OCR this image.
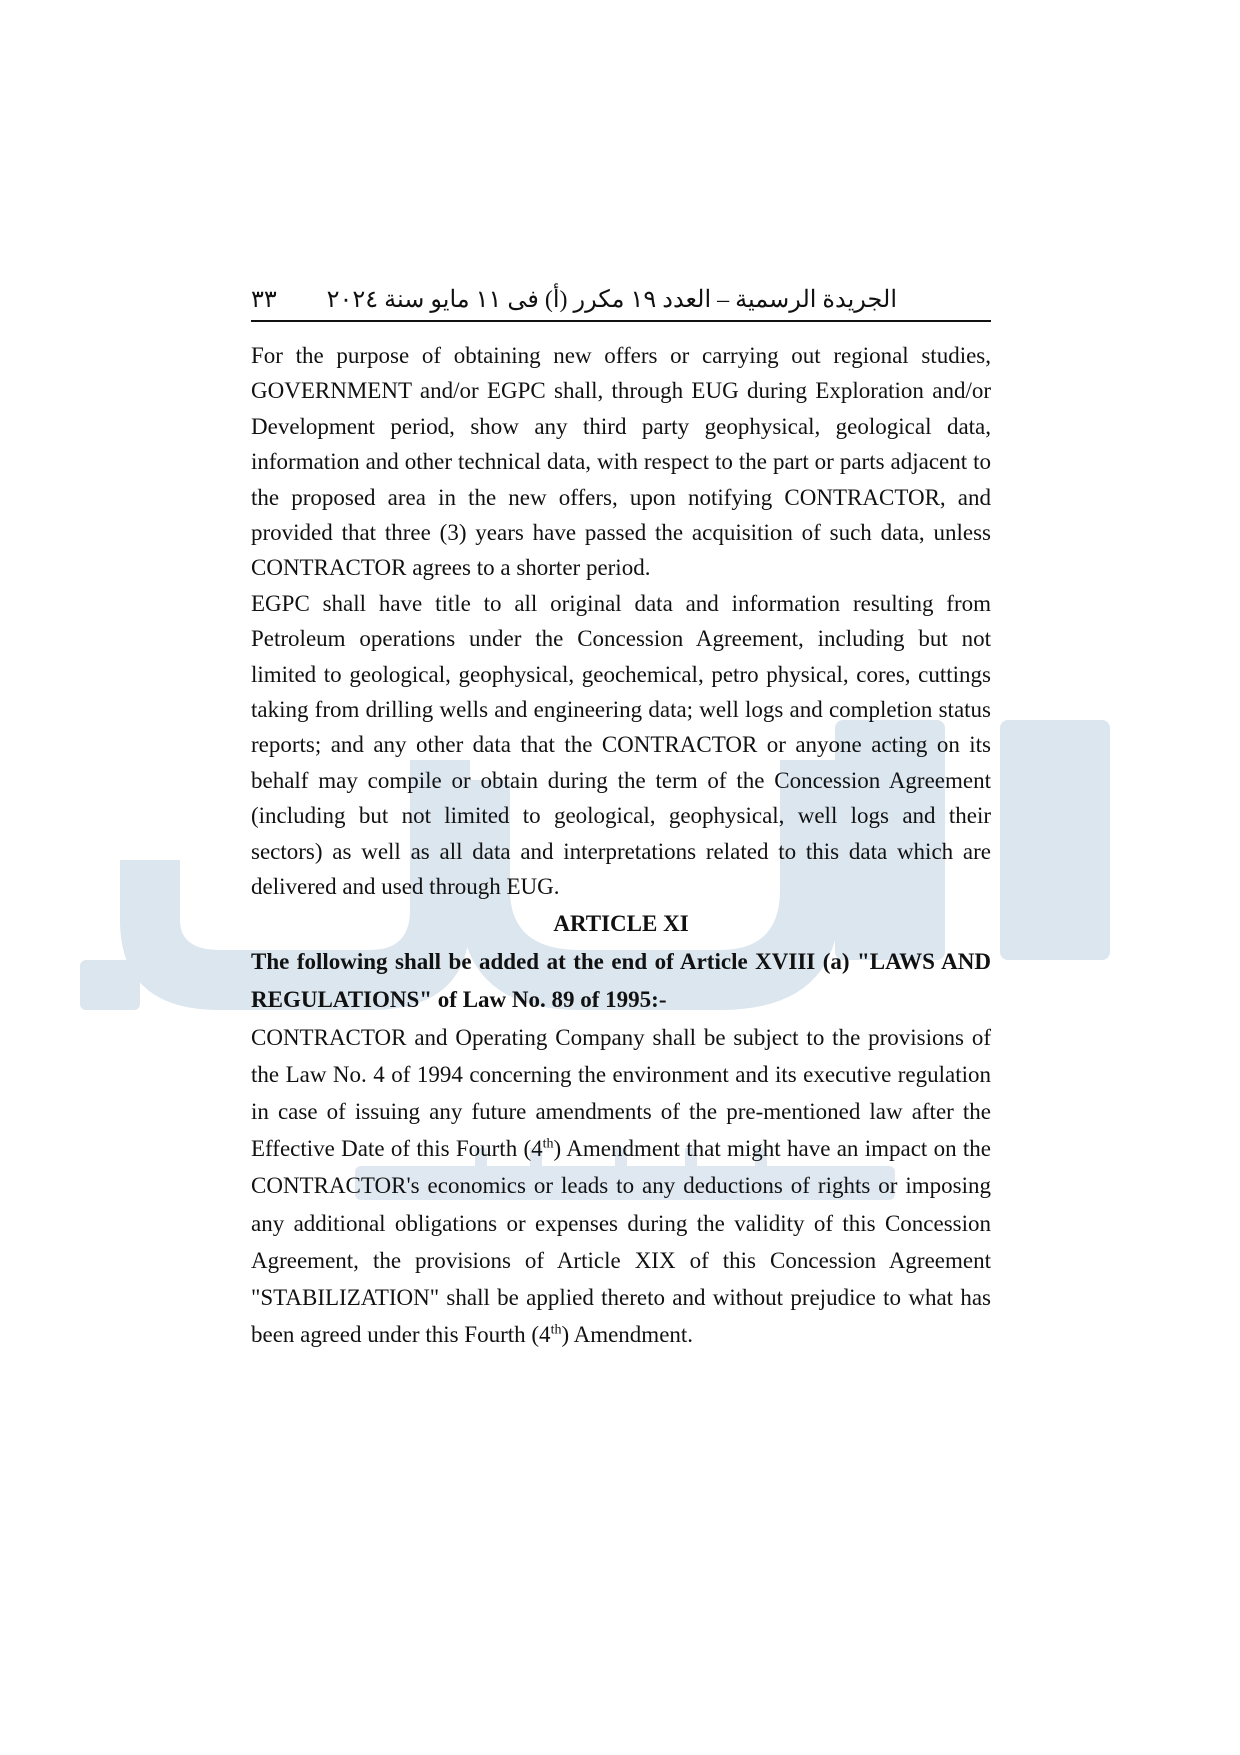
٣٣ الجريدة الرسمية – العدد ١٩ مكرر (أ) فى ١١ مايو سنة ٢٠٢٤

For the purpose of obtaining new offers or carrying out regional studies, GOVERNMENT and/or EGPC shall, through EUG during Exploration and/or Development period, show any third party geophysical, geological data, information and other technical data, with respect to the part or parts adjacent to the proposed area in the new offers, upon notifying CONTRACTOR, and provided that three (3) years have passed the acquisition of such data, unless CONTRACTOR agrees to a shorter period.

EGPC shall have title to all original data and information resulting from Petroleum operations under the Concession Agreement, including but not limited to geological, geophysical, geochemical, petro physical, cores, cuttings taking from drilling wells and engineering data; well logs and completion status reports; and any other data that the CONTRACTOR or anyone acting on its behalf may compile or obtain during the term of the Concession Agreement (including but not limited to geological, geophysical, well logs and their sectors) as well as all data and interpretations related to this data which are delivered and used through EUG.

ARTICLE XI

The following shall be added at the end of Article XVIII (a) "LAWS AND REGULATIONS" of Law No. 89 of 1995:-

CONTRACTOR and Operating Company shall be subject to the provisions of the Law No. 4 of 1994 concerning the environment and its executive regulation in case of issuing any future amendments of the pre-mentioned law after the Effective Date of this Fourth (4th) Amendment that might have an impact on the CONTRACTOR's economics or leads to any deductions of rights or imposing any additional obligations or expenses during the validity of this Concession Agreement, the provisions of Article XIX of this Concession Agreement "STABILIZATION" shall be applied thereto and without prejudice to what has been agreed under this Fourth (4th) Amendment.
